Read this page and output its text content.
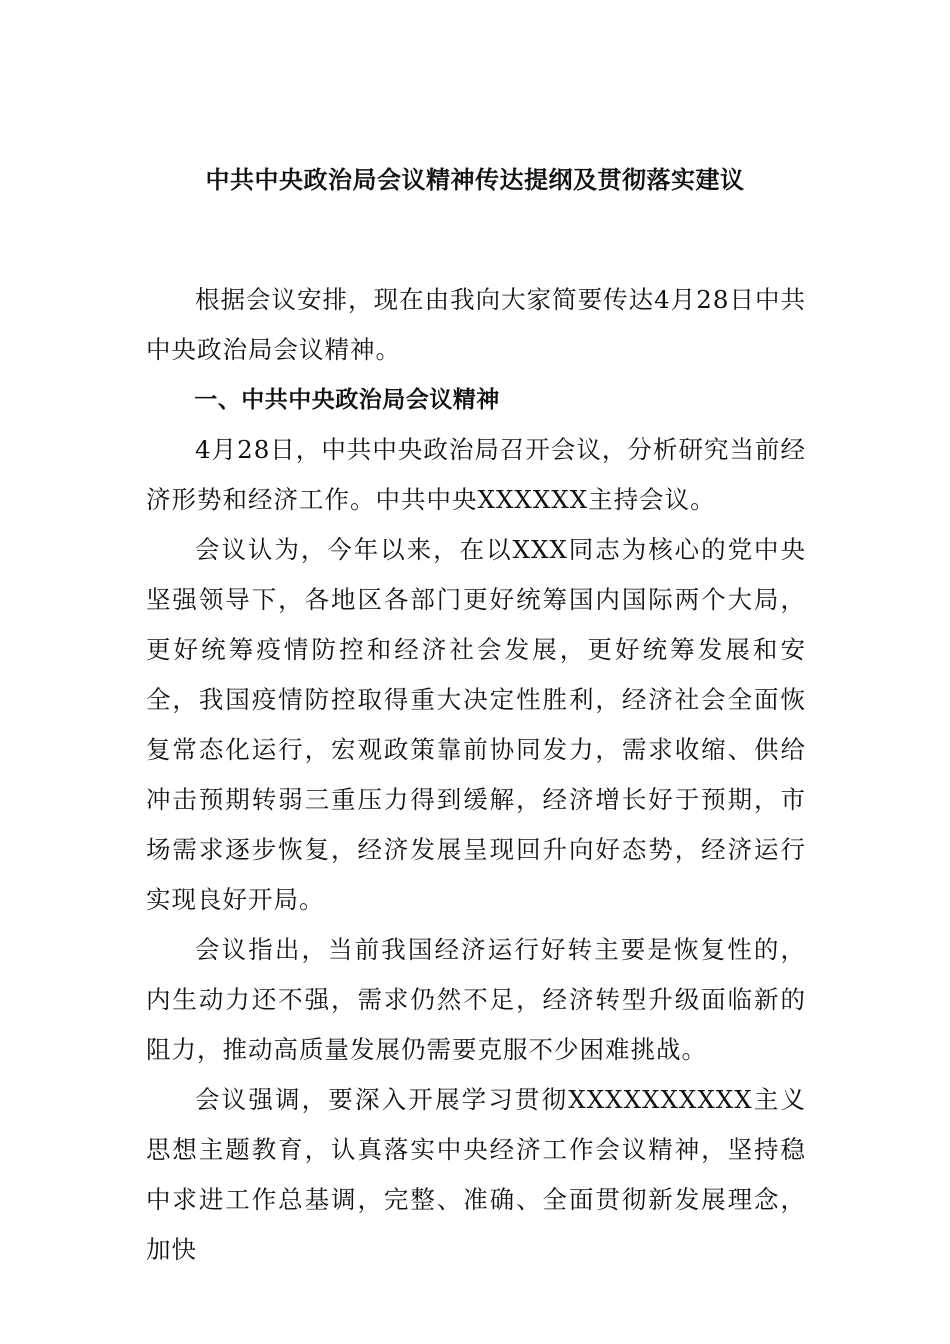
中共中央政治局会议精神传达提纲及贯彻落实建议

根据会议安排，现在由我向大家简要传达4月28日中共中央政治局会议精神。

一、中共中央政治局会议精神

4月28日，中共中央政治局召开会议，分析研究当前经济形势和经济工作。中共中央XXXXXX主持会议。

会议认为，今年以来，在以XXX同志为核心的党中央坚强领导下，各地区各部门更好统筹国内国际两个大局，更好统筹疫情防控和经济社会发展，更好统筹发展和安全，我国疫情防控取得重大决定性胜利，经济社会全面恢复常态化运行，宏观政策靠前协同发力，需求收缩、供给冲击预期转弱三重压力得到缓解，经济增长好于预期，市场需求逐步恢复，经济发展呈现回升向好态势，经济运行实现良好开局。

会议指出，当前我国经济运行好转主要是恢复性的，内生动力还不强，需求仍然不足，经济转型升级面临新的阻力，推动高质量发展仍需要克服不少困难挑战。

会议强调，要深入开展学习贯彻XXXXXXXXXX主义思想主题教育，认真落实中央经济工作会议精神，坚持稳中求进工作总基调，完整、准确、全面贯彻新发展理念，加快
